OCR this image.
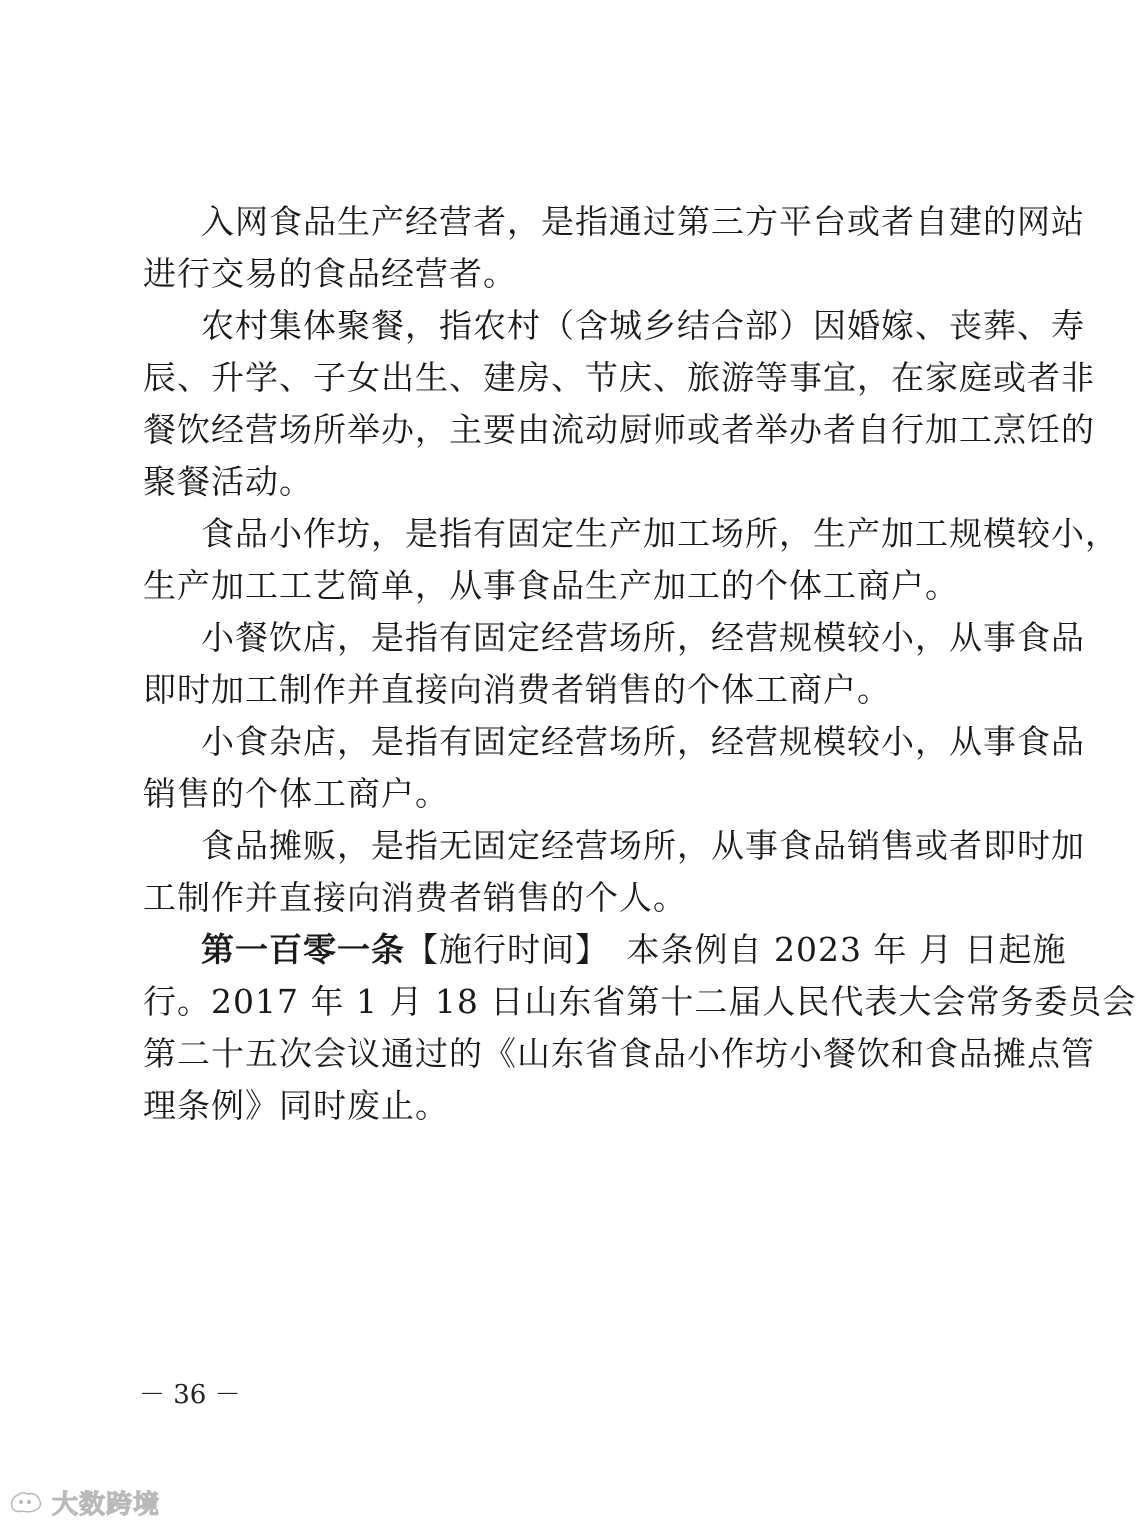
入网食品生产经营者，是指通过第三方平台或者自建的网站
进行交易的食品经营者。
农村集体聚餐，指农村（含城乡结合部）因婚嫁、丧葬、寿
辰、升学、子女出生、建房、节庆、旅游等事宜，在家庭或者非
餐饮经营场所举办，主要由流动厨师或者举办者自行加工烹饪的
聚餐活动。
食品小作坊，是指有固定生产加工场所，生产加工规模较小，
生产加工工艺简单，从事食品生产加工的个体工商户。
小餐饮店，是指有固定经营场所，经营规模较小，从事食品
即时加工制作并直接向消费者销售的个体工商户。
小食杂店，是指有固定经营场所，经营规模较小，从事食品
销售的个体工商户。
食品摊贩，是指无固定经营场所，从事食品销售或者即时加
工制作并直接向消费者销售的个人。
第一百零一条【施行时间】　本条例自 2023 年 月 日起施
行。2017 年 1 月 18 日山东省第十二届人民代表大会常务委员会
第二十五次会议通过的《山东省食品小作坊小餐饮和食品摊点管
理条例》同时废止。
－ 36 －
大数跨境
